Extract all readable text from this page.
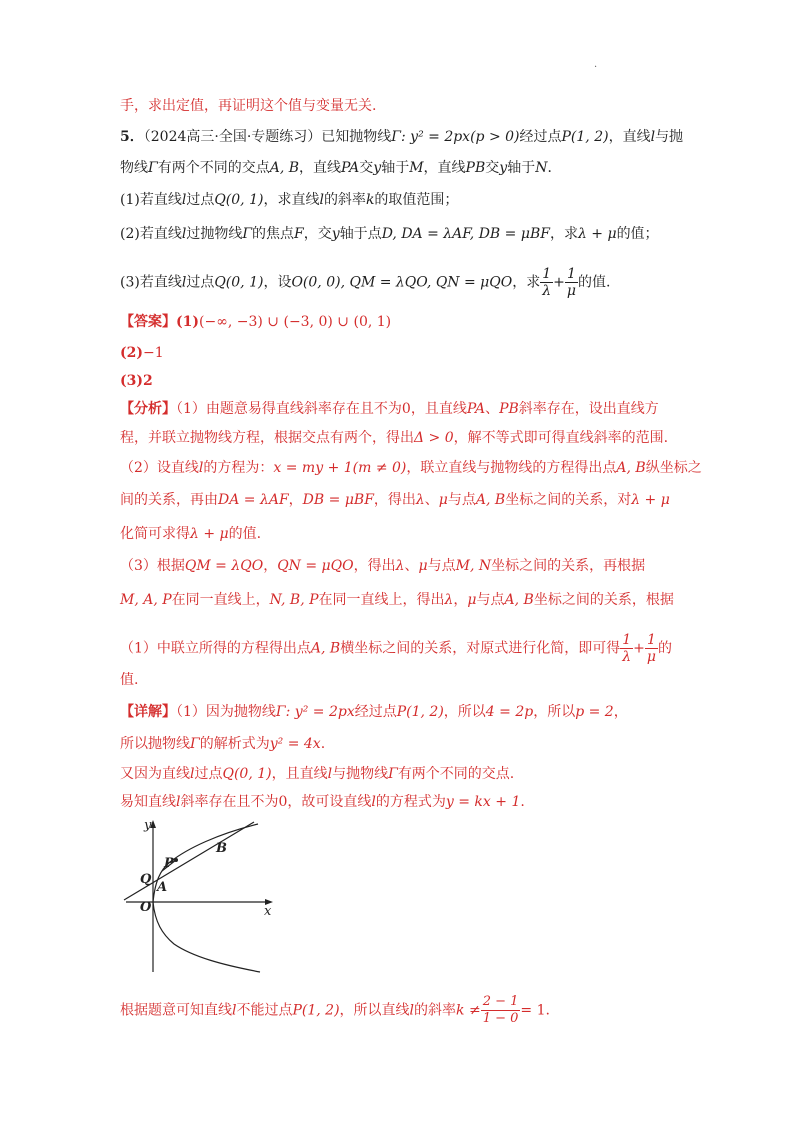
·
手，求出定值，再证明这个值与变量无关.
5．（2024高三·全国·专题练习）已知抛物线Γ: y² = 2px(p > 0)经过点P(1, 2)，直线l与抛
物线Γ有两个不同的交点A, B，直线PA交y轴于M，直线PB交y轴于N．
(1)若直线l过点Q(0, 1)，求直线l的斜率k的取值范围；
(2)若直线l过抛物线Γ的焦点F，交y轴于点D, DA = λAF, DB = μBF，求λ + μ的值；
(3)若直线l过点Q(0, 1)，设O(0, 0), QM = λQO, QN = μQO，求 $\frac{1}{\lambda} + \frac{1}{\mu}$ 的值.
【答案】(1)(−∞, −3) ∪ (−3, 0) ∪ (0, 1)
(2)−1
(3)2
【分析】（1）由题意易得直线斜率存在且不为0，且直线PA、PB斜率存在，设出直线方
程，并联立抛物线方程，根据交点有两个，得出Δ > 0，解不等式即可得直线斜率的范围.
（2）设直线l的方程为：x = my + 1(m ≠ 0)，联立直线与抛物线的方程得出点A, B纵坐标之
间的关系，再由DA = λAF，DB = μBF，得出λ、μ与点A, B坐标之间的关系，对λ + μ
化简可求得λ + μ的值.
（3）根据QM = λQO，QN = μQO，得出λ、μ与点M, N坐标之间的关系，再根据
M, A, P在同一直线上，N, B, P在同一直线上，得出λ，μ与点A, B坐标之间的关系，根据
（1）中联立所得的方程得出点A, B横坐标之间的关系，对原式进行化简，即可得 $\frac{1}{\lambda} + \frac{1}{\mu}$ 的
值.
【详解】（1）因为抛物线Γ: y² = 2px经过点P(1, 2)，所以4 = 2p，所以p = 2，
所以抛物线Γ的解析式为y² = 4x.
又因为直线l过点Q(0, 1)，且直线l与抛物线Γ有两个不同的交点.
易知直线l斜率存在且不为0，故可设直线l的方程式为y = kx + 1.
y
x
O
Q
A
P
B
根据题意可知直线l不能过点P(1, 2)，所以直线l的斜率$k \ne \frac{2 - 1}{1 - 0} = 1$.
